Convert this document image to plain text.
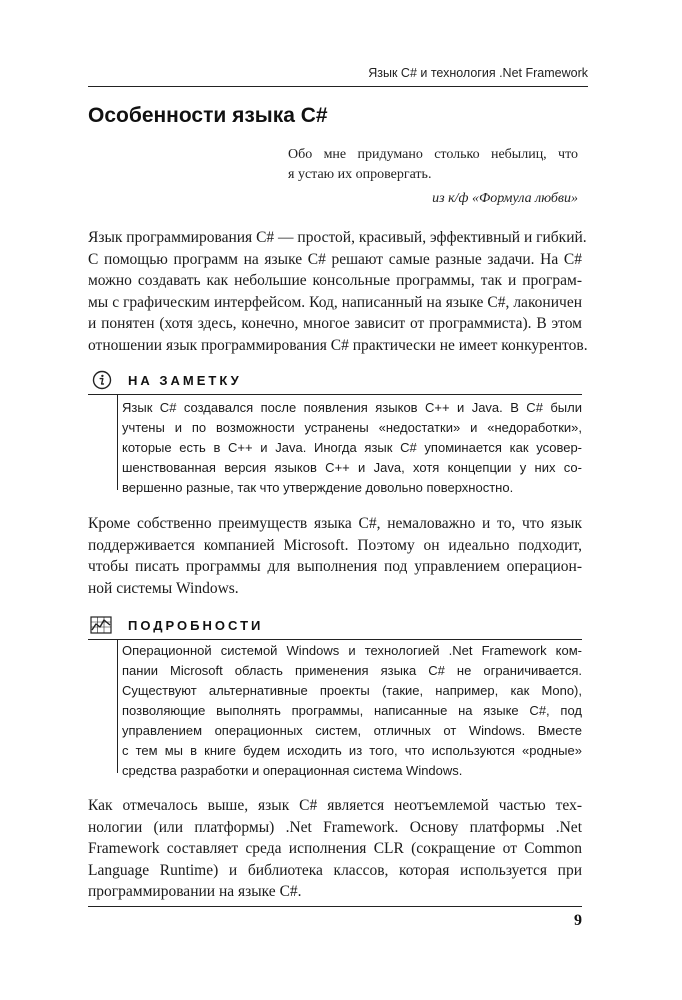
Язык C# и технология .Net Framework
Особенности языка C#
Обо мне придумано столько небылиц, что
я устаю их опровергать.
из к/ф «Формула любви»
Язык программирования C# — простой, красивый, эффективный и гибкий.
С помощью программ на языке C# решают самые разные задачи. На C#
можно создавать как небольшие консольные программы, так и програм-
мы с графическим интерфейсом. Код, написанный на языке C#, лаконичен
и понятен (хотя здесь, конечно, многое зависит от программиста). В этом
отношении язык программирования C# практически не имеет конкурентов.
НА ЗАМЕТКУ
Язык C# создавался после появления языков C++ и Java. В C# были
учтены и по возможности устранены «недостатки» и «недоработки»,
которые есть в C++ и Java. Иногда язык C# упоминается как усовер-
шенствованная версия языков C++ и Java, хотя концепции у них со-
вершенно разные, так что утверждение довольно поверхностно.
Кроме собственно преимуществ языка C#, немаловажно и то, что язык
поддерживается компанией Microsoft. Поэтому он идеально подходит,
чтобы писать программы для выполнения под управлением операцион-
ной системы Windows.
ПОДРОБНОСТИ
Операционной системой Windows и технологией .Net Framework ком-
пании Microsoft область применения языка C# не ограничивается.
Существуют альтернативные проекты (такие, например, как Mono),
позволяющие выполнять программы, написанные на языке C#, под
управлением операционных систем, отличных от Windows. Вместе
с тем мы в книге будем исходить из того, что используются «родные»
средства разработки и операционная система Windows.
Как отмечалось выше, язык C# является неотъемлемой частью тех-
нологии (или платформы) .Net Framework. Основу платформы .Net
Framework составляет среда исполнения CLR (сокращение от Common
Language Runtime) и библиотека классов, которая используется при
программировании на языке C#.
9
